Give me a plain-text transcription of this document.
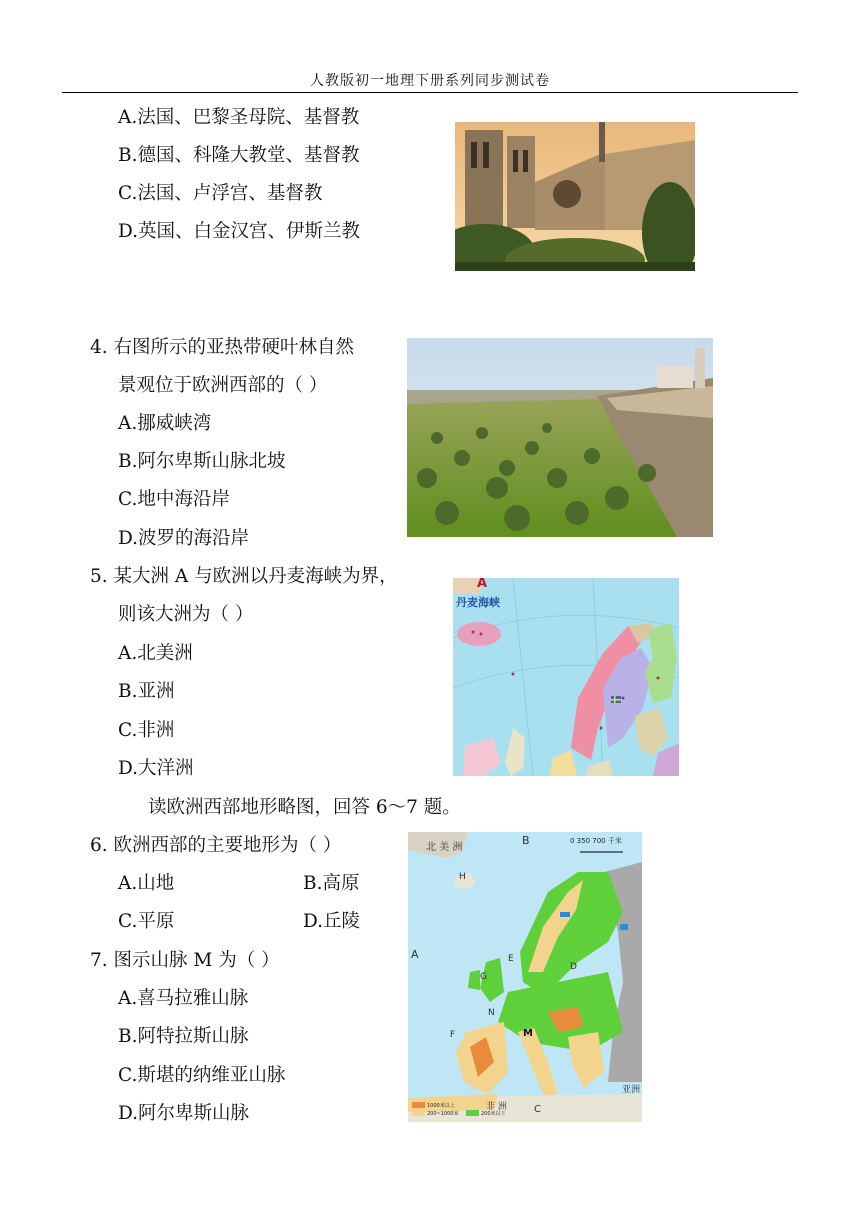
人教版初一地理下册系列同步测试卷
A.法国、巴黎圣母院、基督教
B.德国、科隆大教堂、基督教
C.法国、卢浮宫、基督教
D.英国、白金汉宫、伊斯兰教
4. 右图所示的亚热带硬叶林自然
景观位于欧洲西部的（ ）
A.挪威峡湾
B.阿尔卑斯山脉北坡
C.地中海沿岸
D.波罗的海沿岸
5. 某大洲 A 与欧洲以丹麦海峡为界，
则该大洲为（ ）
A.北美洲
B.亚洲
C.非洲
D.大洋洲
A
丹麦海峡
读欧洲西部地形略图，回答 6～7 题。
6. 欧洲西部的主要地形为（ ）
A.山地	B.高原
C.平原	D.丘陵
7. 图示山脉 M 为（ ）
A.喜马拉雅山脉
B.阿特拉斯山脉
C.斯堪的纳维亚山脉
D.阿尔卑斯山脉
北 美 洲
0 350 700 千米
B
A
H
E
D
G
N
F	M
C
亚洲
非 洲
1000米以上
200~1000米	200米以下
